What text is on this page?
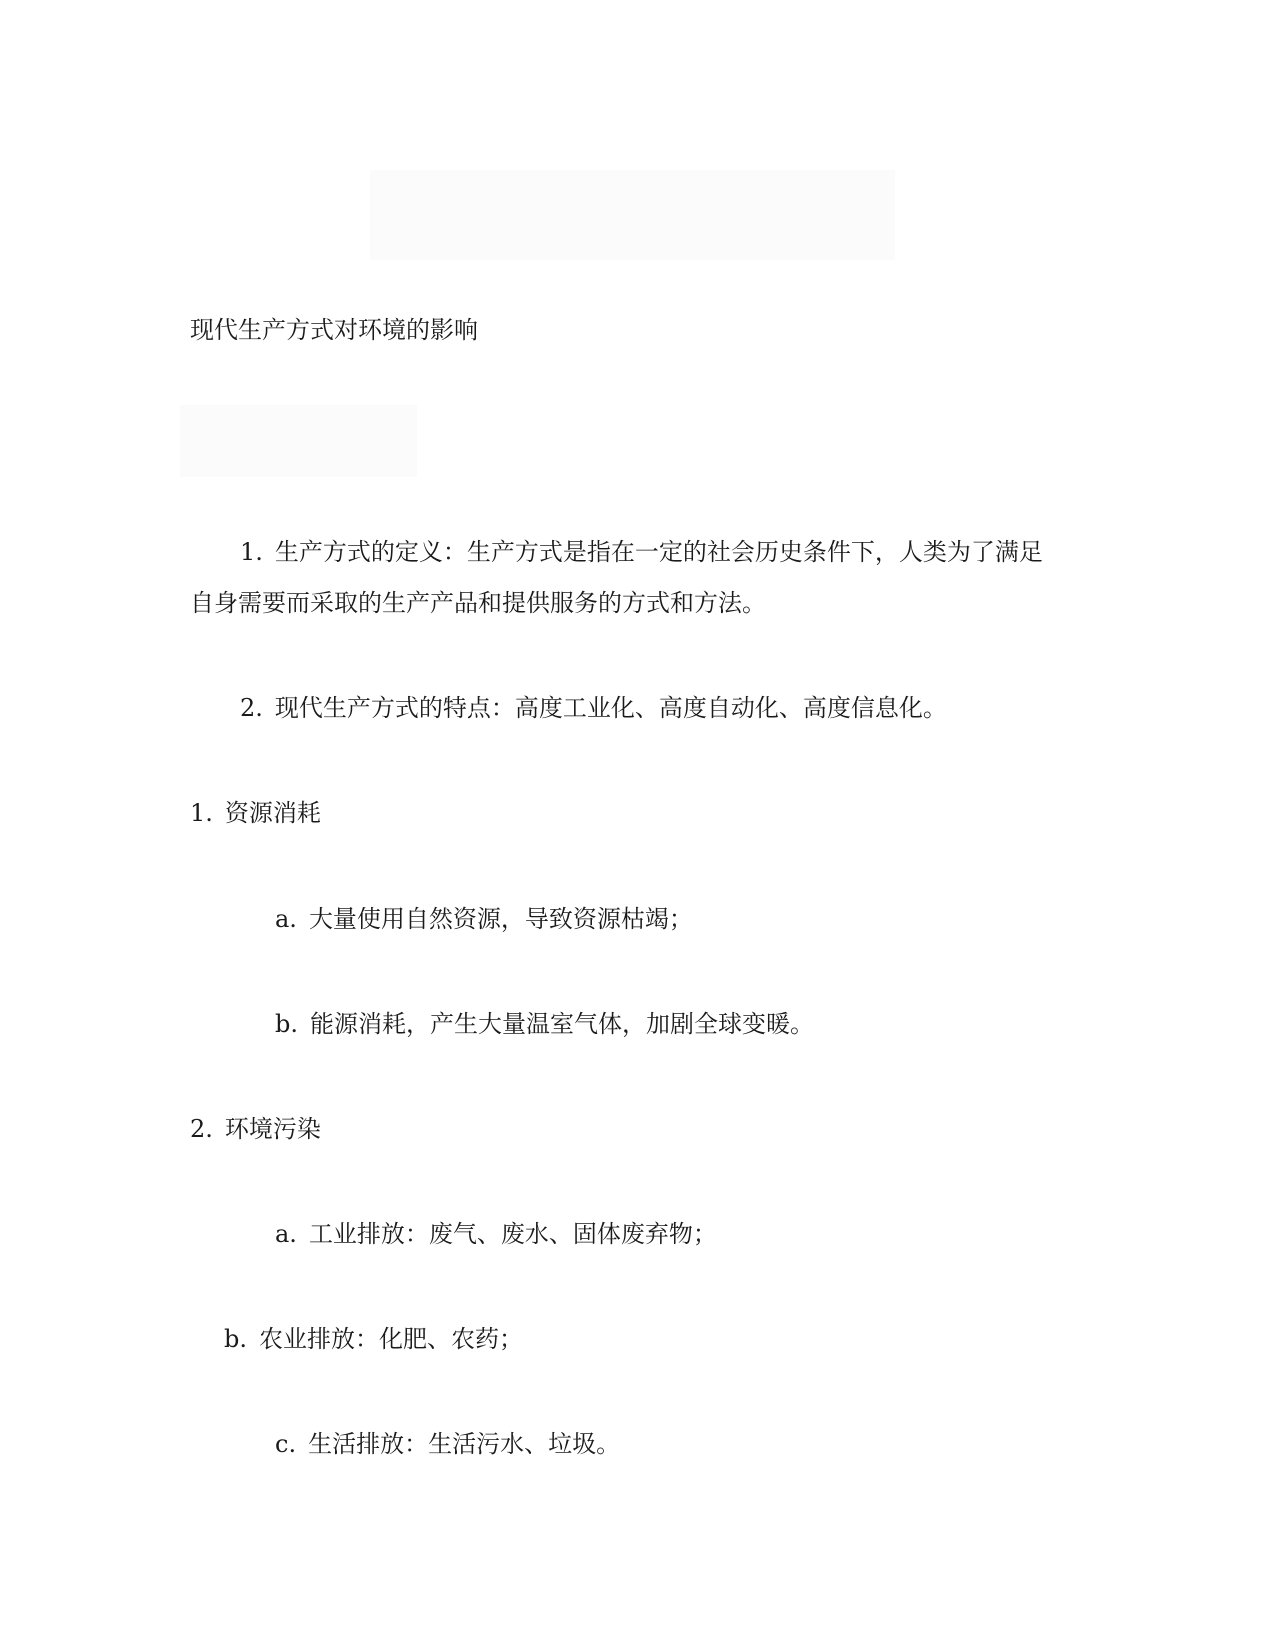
现代生产方式对环境的影响

1. 生产方式的定义：生产方式是指在一定的社会历史条件下，人类为了满足

自身需要而采取的生产产品和提供服务的方式和方法。

2. 现代生产方式的特点：高度工业化、高度自动化、高度信息化。

1. 资源消耗

a. 大量使用自然资源，导致资源枯竭；

b. 能源消耗，产生大量温室气体，加剧全球变暖。

2. 环境污染

a. 工业排放：废气、废水、固体废弃物；

b. 农业排放：化肥、农药；

c. 生活排放：生活污水、垃圾。
